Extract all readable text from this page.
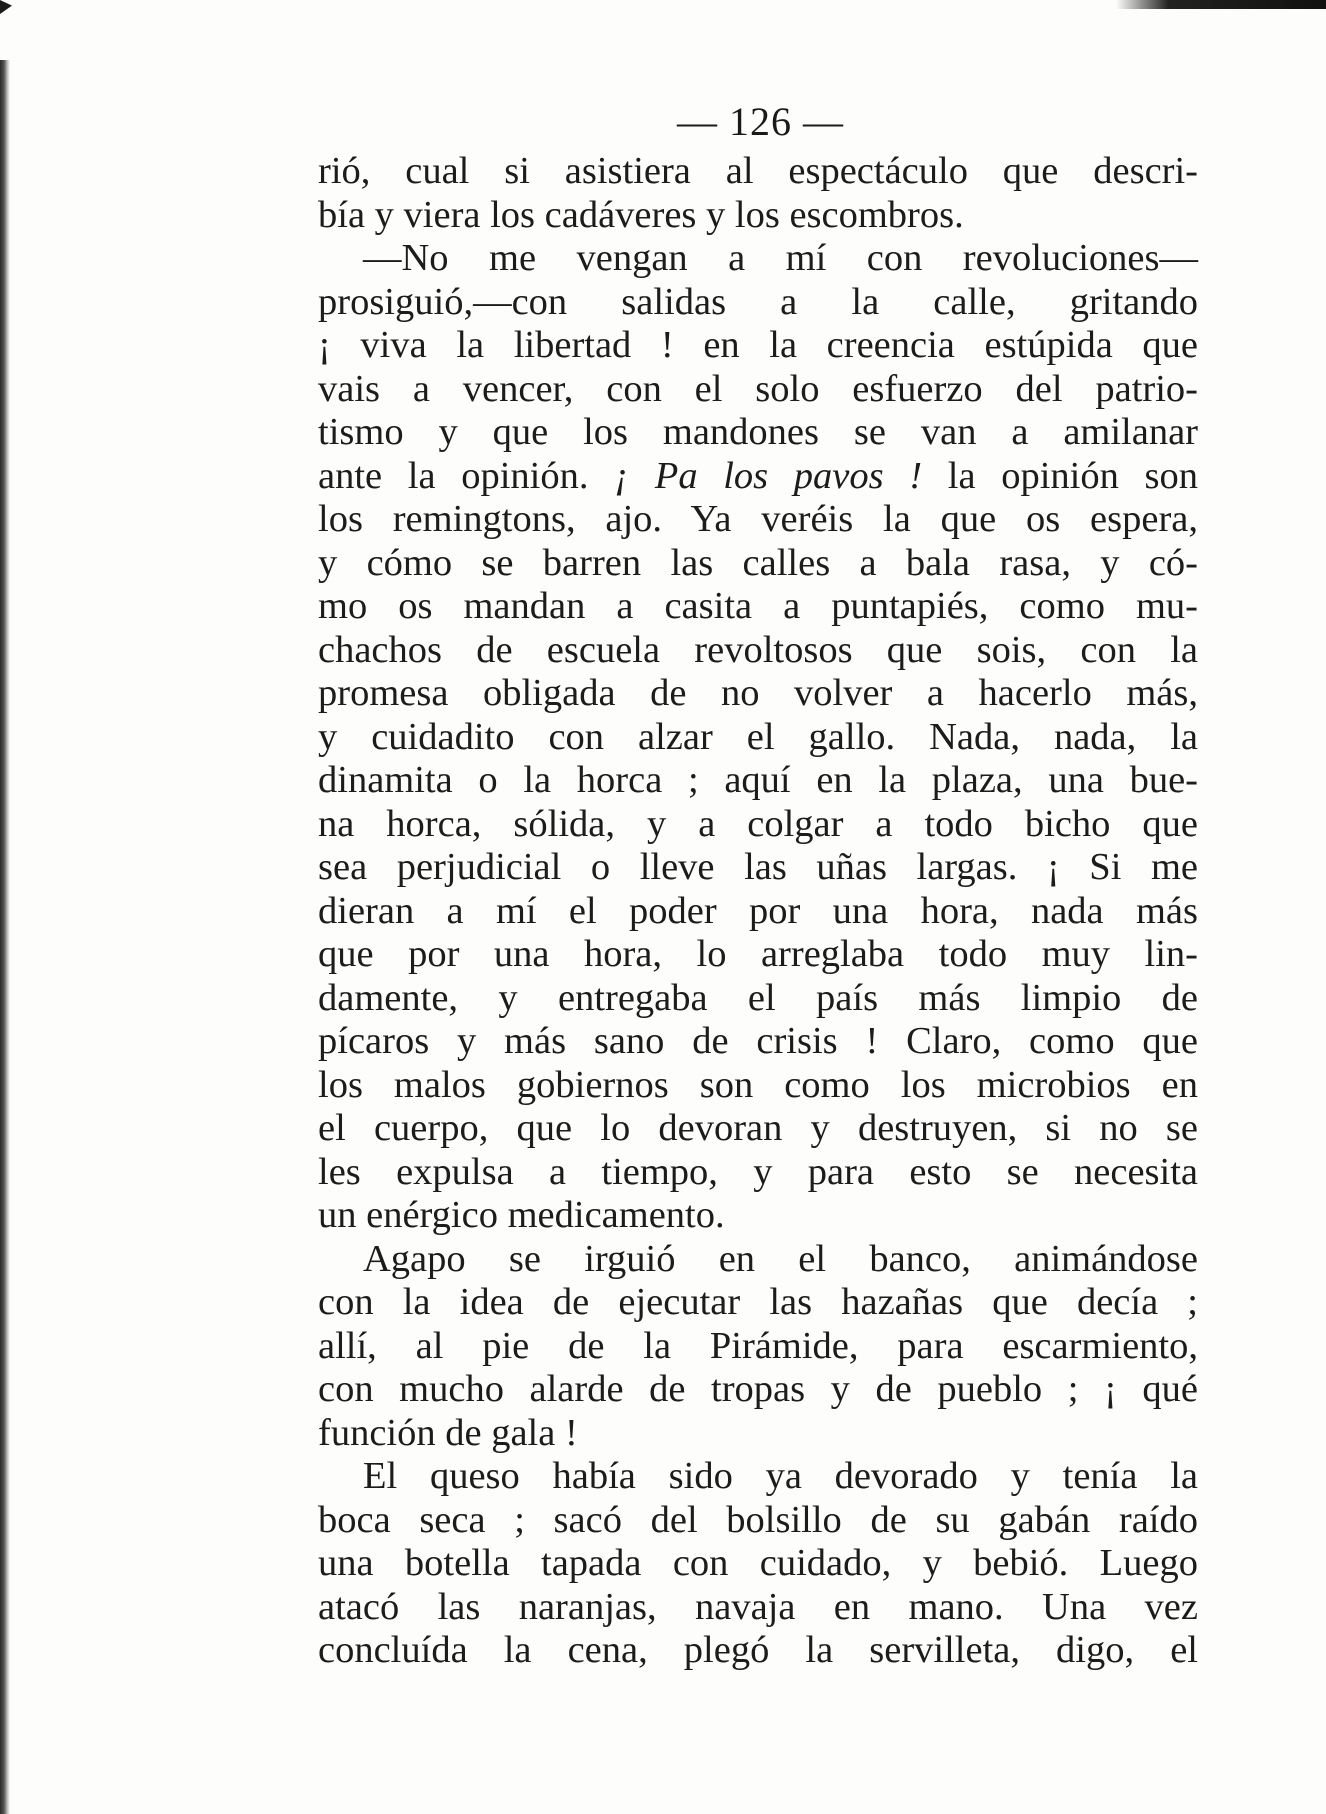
— 126 —
rió, cual si asistiera al espectáculo que descri-
bía y viera los cadáveres y los escombros.
—No me vengan a mí con revoluciones—
prosiguió,—con salidas a la calle, gritando
¡ viva la libertad ! en la creencia estúpida que
vais a vencer, con el solo esfuerzo del patrio-
tismo y que los mandones se van a amilanar
ante la opinión. ¡ Pa los pavos ! la opinión son
los remingtons, ajo. Ya veréis la que os espera,
y cómo se barren las calles a bala rasa, y có-
mo os mandan a casita a puntapiés, como mu-
chachos de escuela revoltosos que sois, con la
promesa obligada de no volver a hacerlo más,
y cuidadito con alzar el gallo. Nada, nada, la
dinamita o la horca ; aquí en la plaza, una bue-
na horca, sólida, y a colgar a todo bicho que
sea perjudicial o lleve las uñas largas. ¡ Si me
dieran a mí el poder por una hora, nada más
que por una hora, lo arreglaba todo muy lin-
damente, y entregaba el país más limpio de
pícaros y más sano de crisis ! Claro, como que
los malos gobiernos son como los microbios en
el cuerpo, que lo devoran y destruyen, si no se
les expulsa a tiempo, y para esto se necesita
un enérgico medicamento.
Agapo se irguió en el banco, animándose
con la idea de ejecutar las hazañas que decía ;
allí, al pie de la Pirámide, para escarmiento,
con mucho alarde de tropas y de pueblo ; ¡ qué
función de gala !
El queso había sido ya devorado y tenía la
boca seca ; sacó del bolsillo de su gabán raído
una botella tapada con cuidado, y bebió. Luego
atacó las naranjas, navaja en mano. Una vez
concluída la cena, plegó la servilleta, digo, el
